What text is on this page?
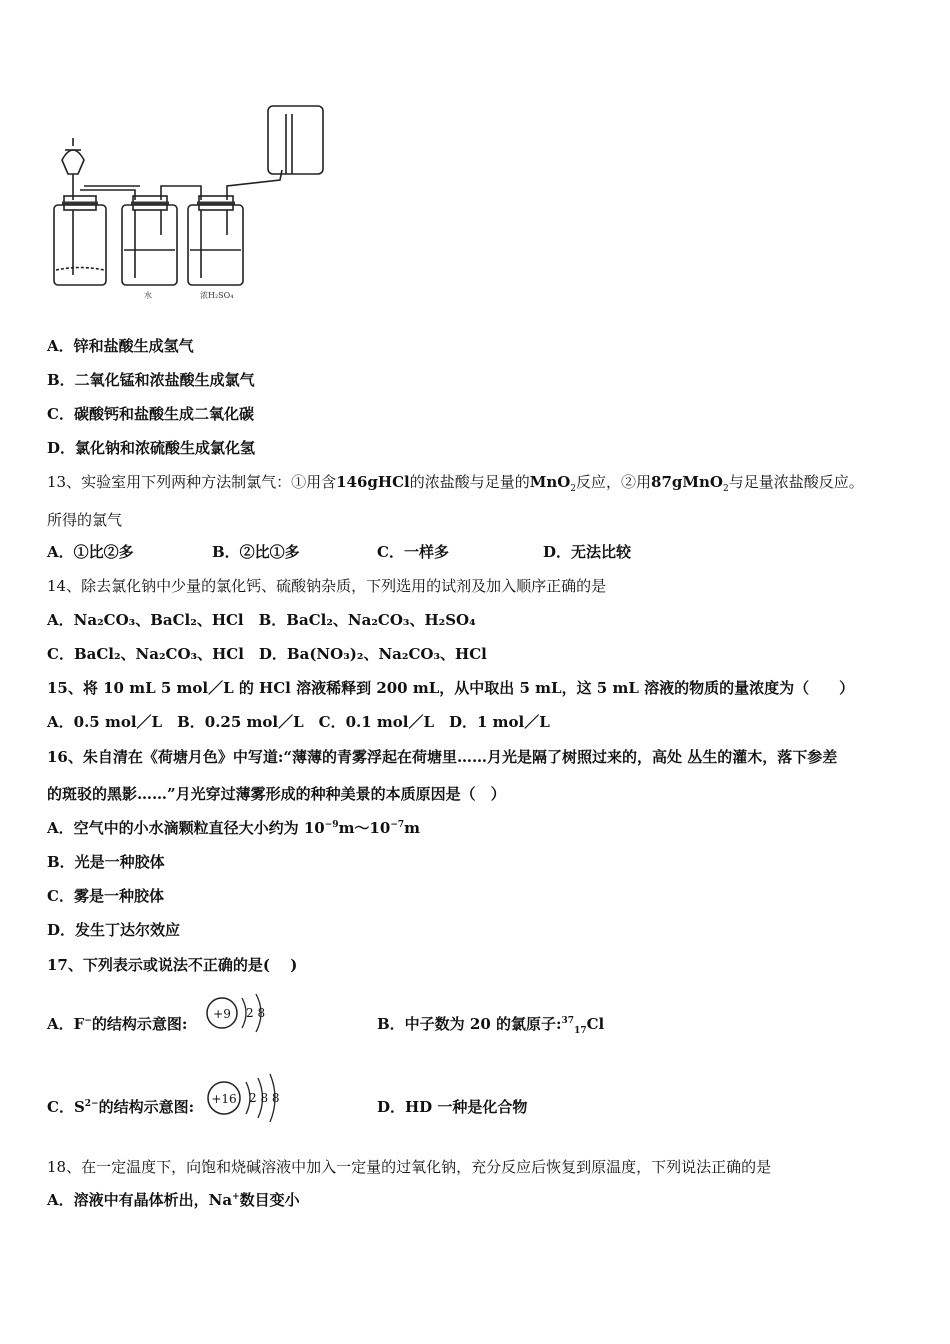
水	浓H₂SO₄
A．锌和盐酸生成氢气
B．二氧化锰和浓盐酸生成氯气
C．碳酸钙和盐酸生成二氧化碳
D．氯化钠和浓硫酸生成氯化氢
13、实验室用下列两种方法制氯气：①用含146gHCl的浓盐酸与足量的MnO$_2$反应，②用87gMnO$_2$与足量浓盐酸反应。
所得的氯气
A．①比②多	B．②比①多	C．一样多	D．无法比较
14、除去氯化钠中少量的氯化钙、硫酸钠杂质，下列选用的试剂及加入顺序正确的是
A．Na₂CO₃、BaCl₂、HCl　B．BaCl₂、Na₂CO₃、H₂SO₄
C．BaCl₂、Na₂CO₃、HCl　D．Ba(NO₃)₂、Na₂CO₃、HCl
15、将 10 mL 5 mol／L 的 HCl 溶液稀释到 200 mL，从中取出 5 mL，这 5 mL 溶液的物质的量浓度为（　　）
A．0.5 mol／L　B．0.25 mol／L　C．0.1 mol／L　D．1 mol／L
16、朱自清在《荷塘月色》中写道:“薄薄的青雾浮起在荷塘里……月光是隔了树照过来的，高处 丛生的灌木，落下参差
的斑驳的黑影……”月光穿过薄雾形成的种种美景的本质原因是（　）
A．空气中的小水滴颗粒直径大小约为 $10^{-9}m\sim 10^{-7}m$
B．光是一种胶体
C．雾是一种胶体
D．发生丁达尔效应
17、下列表示或说法不正确的是(　 )
A．F−的结构示意图:
+9 2 8
B．中子数为 20 的氯原子:$^{37}_{17}$Cl
C．$S^{2-}$的结构示意图: +16 2 8 8	D．HD 一种是化合物
18、在一定温度下，向饱和烧碱溶液中加入一定量的过氧化钠，充分反应后恢复到原温度，下列说法正确的是
A．溶液中有晶体析出，Na+数目变小
